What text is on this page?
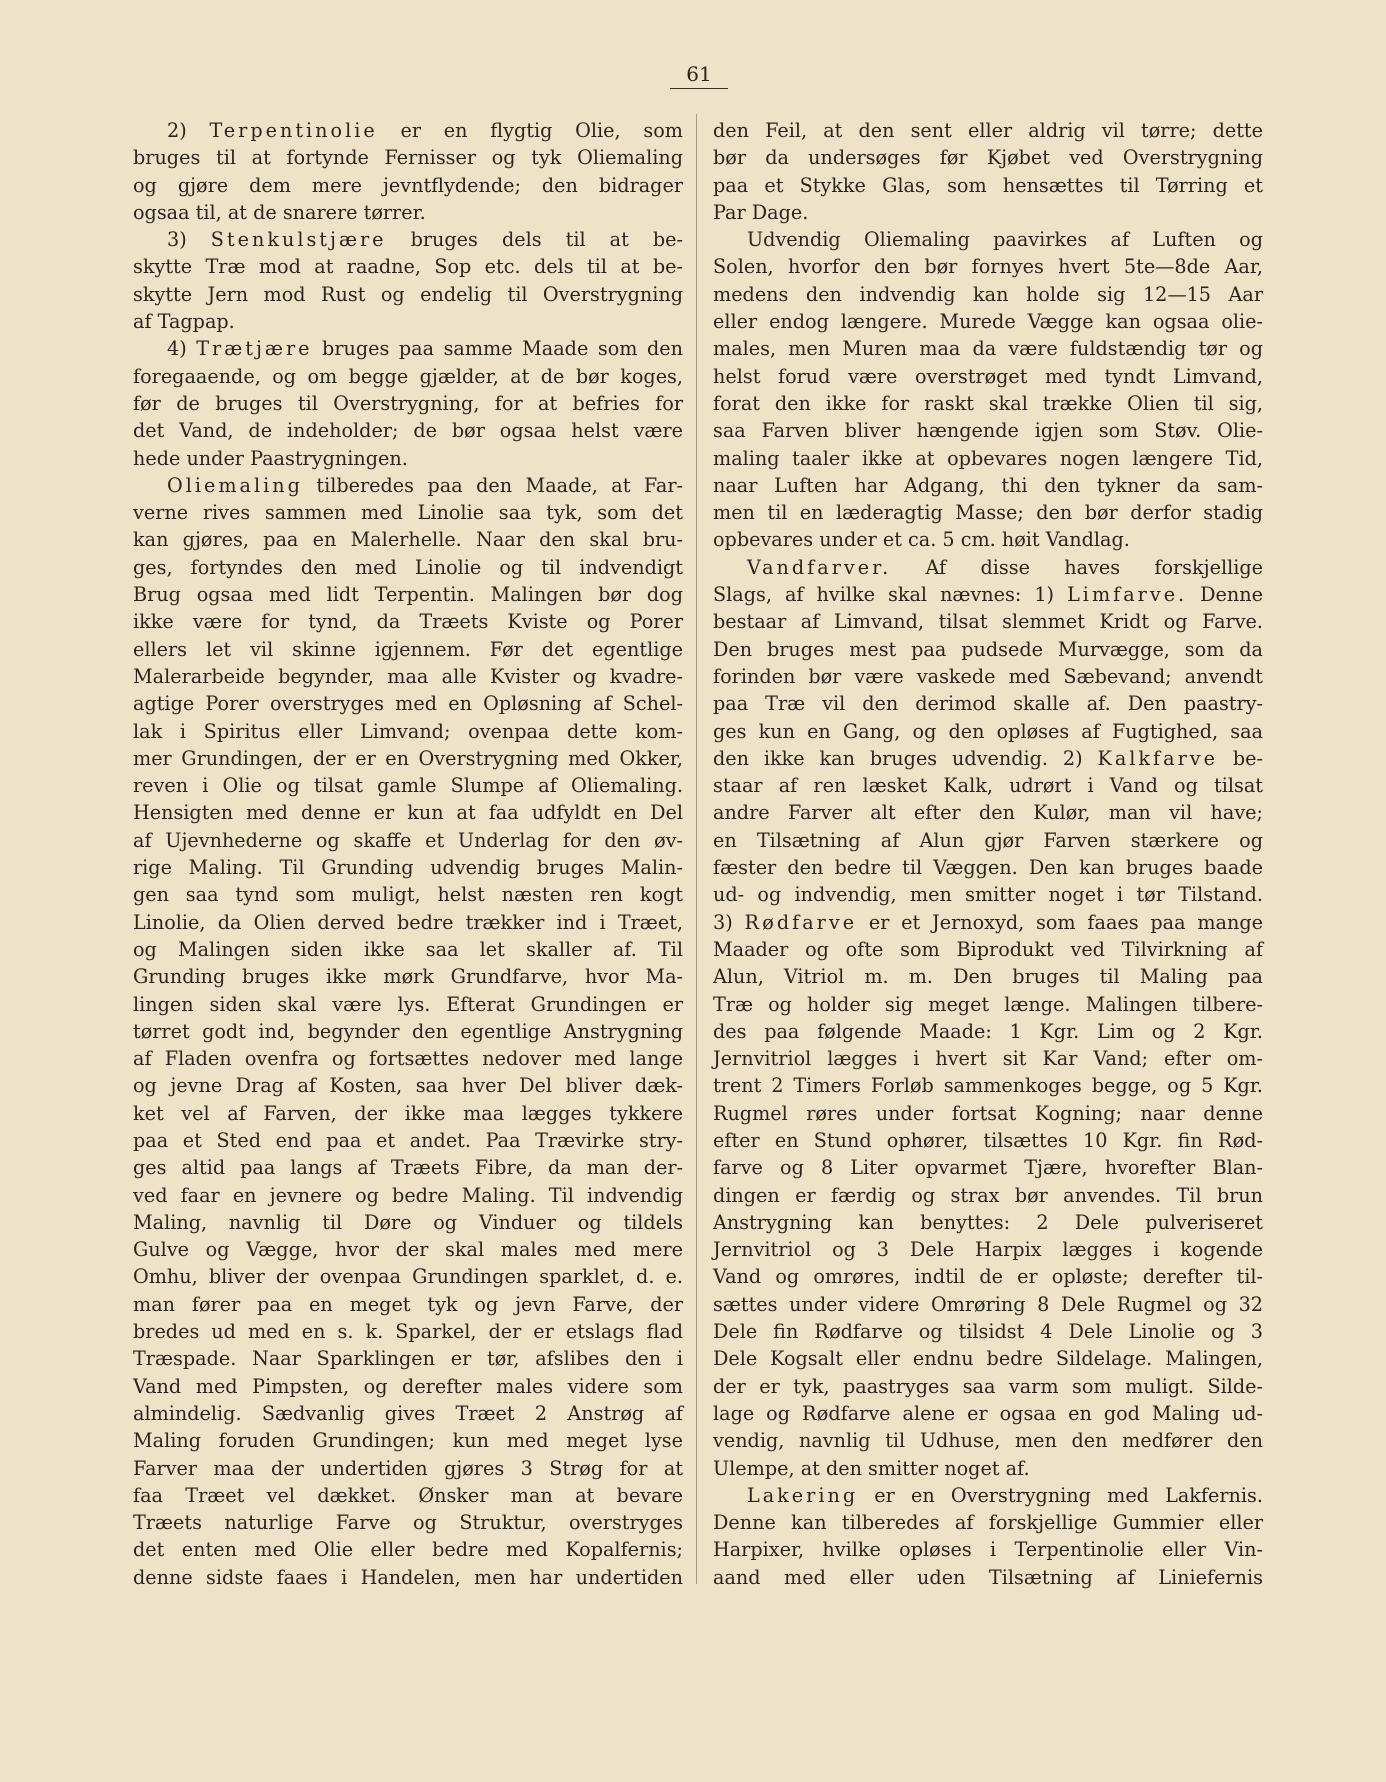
61
2) Terpentinolie er en flygtig Olie, som
bruges til at fortynde Fernisser og tyk Oliemaling
og gjøre dem mere jevntflydende; den bidrager
ogsaa til, at de snarere tørrer.
3) Stenkulstjære bruges dels til at be-
skytte Træ mod at raadne, Sop etc. dels til at be-
skytte Jern mod Rust og endelig til Overstrygning
af Tagpap.
4) Trætjære bruges paa samme Maade som den
foregaaende, og om begge gjælder, at de bør koges,
før de bruges til Overstrygning, for at befries for
det Vand, de indeholder; de bør ogsaa helst være
hede under Paastrygningen.
Oliemaling tilberedes paa den Maade, at Far-
verne rives sammen med Linolie saa tyk, som det
kan gjøres, paa en Malerhelle. Naar den skal bru-
ges, fortyndes den med Linolie og til indvendigt
Brug ogsaa med lidt Terpentin. Malingen bør dog
ikke være for tynd, da Træets Kviste og Porer
ellers let vil skinne igjennem. Før det egentlige
Malerarbeide begynder, maa alle Kvister og kvadre-
agtige Porer overstryges med en Opløsning af Schel-
lak i Spiritus eller Limvand; ovenpaa dette kom-
mer Grundingen, der er en Overstrygning med Okker,
reven i Olie og tilsat gamle Slumpe af Oliemaling.
Hensigten med denne er kun at faa udfyldt en Del
af Ujevnhederne og skaffe et Underlag for den øv-
rige Maling. Til Grunding udvendig bruges Malin-
gen saa tynd som muligt, helst næsten ren kogt
Linolie, da Olien derved bedre trækker ind i Træet,
og Malingen siden ikke saa let skaller af. Til
Grunding bruges ikke mørk Grundfarve, hvor Ma-
lingen siden skal være lys. Efterat Grundingen er
tørret godt ind, begynder den egentlige Anstrygning
af Fladen ovenfra og fortsættes nedover med lange
og jevne Drag af Kosten, saa hver Del bliver dæk-
ket vel af Farven, der ikke maa lægges tykkere
paa et Sted end paa et andet. Paa Trævirke stry-
ges altid paa langs af Træets Fibre, da man der-
ved faar en jevnere og bedre Maling. Til indvendig
Maling, navnlig til Døre og Vinduer og tildels
Gulve og Vægge, hvor der skal males med mere
Omhu, bliver der ovenpaa Grundingen sparklet, d. e.
man fører paa en meget tyk og jevn Farve, der
bredes ud med en s. k. Sparkel, der er etslags flad
Træspade. Naar Sparklingen er tør, afslibes den i
Vand med Pimpsten, og derefter males videre som
almindelig. Sædvanlig gives Træet 2 Anstrøg af
Maling foruden Grundingen; kun med meget lyse
Farver maa der undertiden gjøres 3 Strøg for at
faa Træet vel dækket. Ønsker man at bevare
Træets naturlige Farve og Struktur, overstryges
det enten med Olie eller bedre med Kopalfernis;
denne sidste faaes i Handelen, men har undertiden
den Feil, at den sent eller aldrig vil tørre; dette
bør da undersøges før Kjøbet ved Overstrygning
paa et Stykke Glas, som hensættes til Tørring et
Par Dage.
Udvendig Oliemaling paavirkes af Luften og
Solen, hvorfor den bør fornyes hvert 5te—8de Aar,
medens den indvendig kan holde sig 12—15 Aar
eller endog længere. Murede Vægge kan ogsaa olie-
males, men Muren maa da være fuldstændig tør og
helst forud være overstrøget med tyndt Limvand,
forat den ikke for raskt skal trække Olien til sig,
saa Farven bliver hængende igjen som Støv. Olie-
maling taaler ikke at opbevares nogen længere Tid,
naar Luften har Adgang, thi den tykner da sam-
men til en læderagtig Masse; den bør derfor stadig
opbevares under et ca. 5 cm. høit Vandlag.
Vandfarver. Af disse haves forskjellige
Slags, af hvilke skal nævnes: 1) Limfarve. Denne
bestaar af Limvand, tilsat slemmet Kridt og Farve.
Den bruges mest paa pudsede Murvægge, som da
forinden bør være vaskede med Sæbevand; anvendt
paa Træ vil den derimod skalle af. Den paastry-
ges kun en Gang, og den opløses af Fugtighed, saa
den ikke kan bruges udvendig. 2) Kalkfarve be-
staar af ren læsket Kalk, udrørt i Vand og tilsat
andre Farver alt efter den Kulør, man vil have;
en Tilsætning af Alun gjør Farven stærkere og
fæster den bedre til Væggen. Den kan bruges baade
ud- og indvendig, men smitter noget i tør Tilstand.
3) Rødfarve er et Jernoxyd, som faaes paa mange
Maader og ofte som Biprodukt ved Tilvirkning af
Alun, Vitriol m. m. Den bruges til Maling paa
Træ og holder sig meget længe. Malingen tilbere-
des paa følgende Maade: 1 Kgr. Lim og 2 Kgr.
Jernvitriol lægges i hvert sit Kar Vand; efter om-
trent 2 Timers Forløb sammenkoges begge, og 5 Kgr.
Rugmel røres under fortsat Kogning; naar denne
efter en Stund ophører, tilsættes 10 Kgr. fin Rød-
farve og 8 Liter opvarmet Tjære, hvorefter Blan-
dingen er færdig og strax bør anvendes. Til brun
Anstrygning kan benyttes: 2 Dele pulveriseret
Jernvitriol og 3 Dele Harpix lægges i kogende
Vand og omrøres, indtil de er opløste; derefter til-
sættes under videre Omrøring 8 Dele Rugmel og 32
Dele fin Rødfarve og tilsidst 4 Dele Linolie og 3
Dele Kogsalt eller endnu bedre Sildelage. Malingen,
der er tyk, paastryges saa varm som muligt. Silde-
lage og Rødfarve alene er ogsaa en god Maling ud-
vendig, navnlig til Udhuse, men den medfører den
Ulempe, at den smitter noget af.
Lakering er en Overstrygning med Lakfernis.
Denne kan tilberedes af forskjellige Gummier eller
Harpixer, hvilke opløses i Terpentinolie eller Vin-
aand med eller uden Tilsætning af Liniefernis
